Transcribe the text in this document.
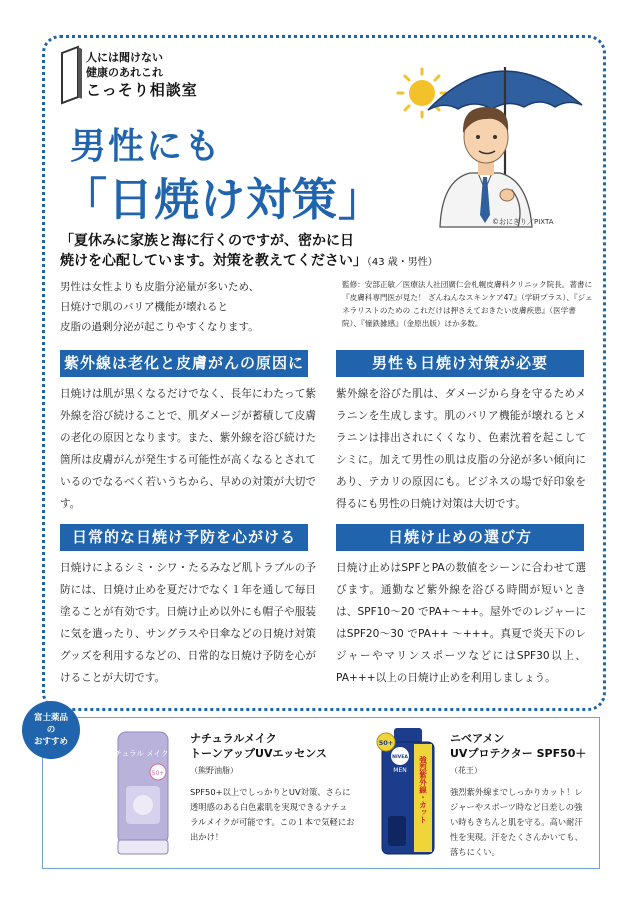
人には聞けない
健康のあれこれ
こっそり相談室
男性にも
「日焼け対策」	©おにぎり／PIXTA
「夏休みに家族と海に行くのですが、密かに日
焼けを心配しています。対策を教えてください」（43 歳・男性）
男性は女性よりも皮脂分泌量が多いため、
日焼けで肌のバリア機能が壊れると
皮脂の過剰分泌が起こりやすくなります。
監修：安部正敏／医療法人社団廣仁会札幌皮膚科クリニック院長。著書に『皮膚科専門医が見た！ ざんねんなスキンケア47』（学研プラス）、『ジェネラリストのための これだけは押さえておきたい皮膚疾患』（医学書院）、『憧鉄雑感』（金原出版）ほか多数。
紫外線は老化と皮膚がんの原因に
日焼けは肌が黒くなるだけでなく、長年にわたって紫外線を浴び続けることで、肌ダメージが蓄積して皮膚の老化の原因となります。また、紫外線を浴び続けた箇所は皮膚がんが発生する可能性が高くなるとされているのでなるべく若いうちから、早めの対策が大切です。
男性も日焼け対策が必要
紫外線を浴びた肌は、ダメージから身を守るためメラニンを生成します。肌のバリア機能が壊れるとメラニンは排出されにくくなり、色素沈着を起こしてシミに。加えて男性の肌は皮脂の分泌が多い傾向にあり、テカリの原因にも。ビジネスの場で好印象を得るにも男性の日焼け対策は大切です。
日常的な日焼け予防を心がける
日焼けによるシミ・シワ・たるみなど肌トラブルの予防には、日焼け止めを夏だけでなく１年を通して毎日塗ることが有効です。日焼け止め以外にも帽子や服装に気を遣ったり、サングラスや日傘などの日焼け対策グッズを利用するなどの、日常的な日焼け予防を心がけることが大切です。
日焼け止めの選び方
日焼け止めはSPFとPAの数値をシーンに合わせて選びます。通勤など紫外線を浴びる時間が短いときは、SPF10～20 でPA+～++。屋外でのレジャーにはSPF20～30 でPA++ ～+++。真夏で炎天下のレジャーやマリンスポーツなどにはSPF30以上、PA+++以上の日焼け止めを利用しましょう。
富士薬品
の
おすすめ
ナチュラル メイクUV
50+
ナチュラルメイク
トーンアップUVエッセンス
（熊野油脂）
SPF50+以上でしっかりとUV対策、さらに透明感のある白色素肌を実現できるナチュラルメイクが可能です。この１本で気軽にお出かけ！
NIVEA
MEN 強烈紫外線・カット
50+	ニベアメン
UVプロテクター SPF50＋
（花王）
強烈紫外線までしっかりカット！レジャーやスポーツ時など日差しの強い時もきちんと肌を守る。高い耐汗性を実現。汗をたくさんかいても、落ちにくい。
